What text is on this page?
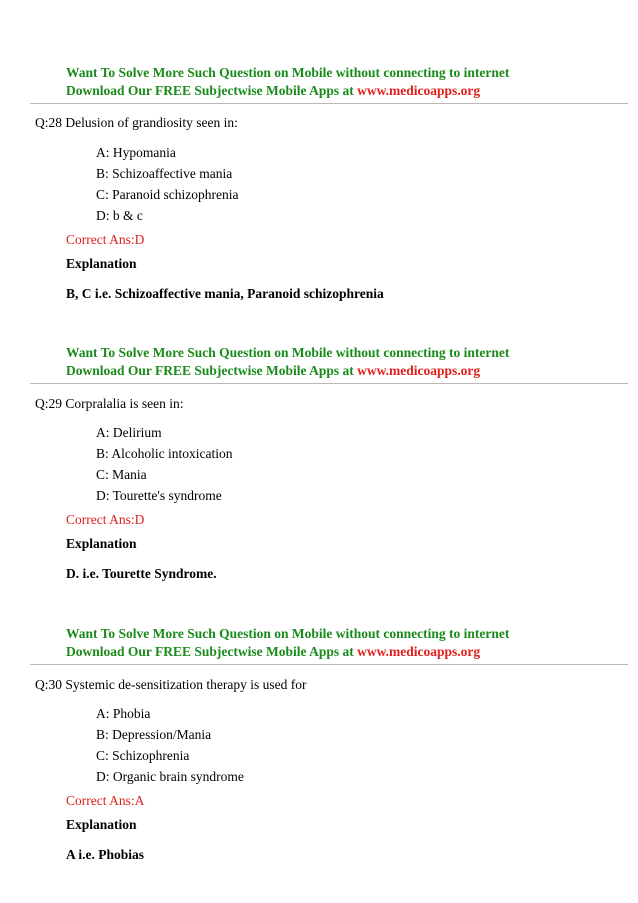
Want To Solve More Such Question on Mobile without connecting to internet
Download Our FREE Subjectwise Mobile Apps at www.medicoapps.org
Q:28 Delusion of grandiosity seen in:
A: Hypomania
B: Schizoaffective mania
C: Paranoid schizophrenia
D: b & c
Correct Ans:D
Explanation
B, C i.e. Schizoaffective mania, Paranoid schizophrenia
Want To Solve More Such Question on Mobile without connecting to internet
Download Our FREE Subjectwise Mobile Apps at www.medicoapps.org
Q:29 Corpralalia is seen in:
A: Delirium
B: Alcoholic intoxication
C: Mania
D: Tourette's syndrome
Correct Ans:D
Explanation
D. i.e. Tourette Syndrome.
Want To Solve More Such Question on Mobile without connecting to internet
Download Our FREE Subjectwise Mobile Apps at www.medicoapps.org
Q:30 Systemic de-sensitization therapy is used for
A: Phobia
B: Depression/Mania
C: Schizophrenia
D: Organic brain syndrome
Correct Ans:A
Explanation
A i.e. Phobias
